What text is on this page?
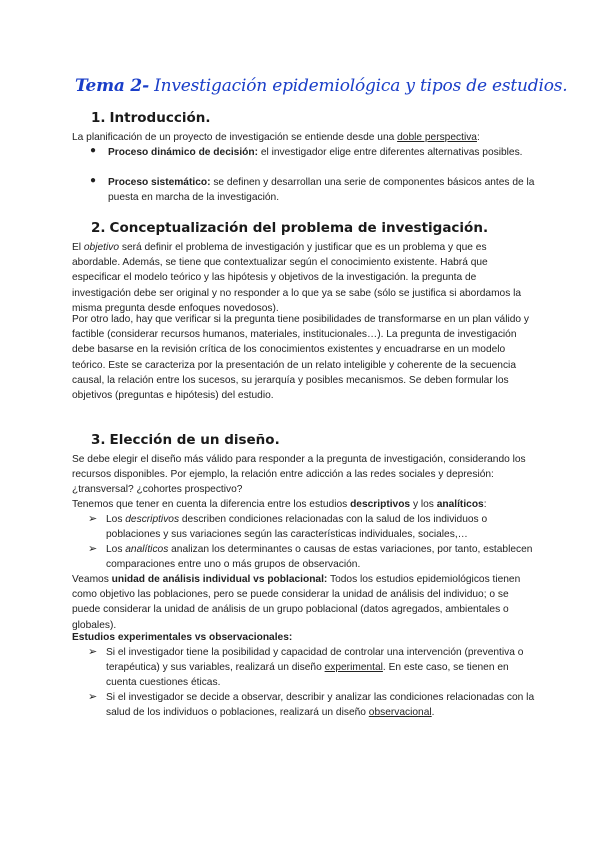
Tema 2- Investigación epidemiológica y tipos de estudios.
1. Introducción.
La planificación de un proyecto de investigación se entiende desde una doble perspectiva:
● Proceso dinámico de decisión: el investigador elige entre diferentes alternativas posibles.
● Proceso sistemático: se definen y desarrollan una serie de componentes básicos antes de la puesta en marcha de la investigación.
2. Conceptualización del problema de investigación.
El objetivo será definir el problema de investigación y justificar que es un problema y que es abordable. Además, se tiene que contextualizar según el conocimiento existente. Habrá que especificar el modelo teórico y las hipótesis y objetivos de la investigación. la pregunta de investigación debe ser original y no responder a lo que ya se sabe (sólo se justifica si abordamos la misma pregunta desde enfoques novedosos).
Por otro lado, hay que verificar si la pregunta tiene posibilidades de transformarse en un plan válido y factible (considerar recursos humanos, materiales, institucionales…). La pregunta de investigación debe basarse en la revisión crítica de los conocimientos existentes y encuadrarse en un modelo teórico. Este se caracteriza por la presentación de un relato inteligible y coherente de la secuencia causal, la relación entre los sucesos, su jerarquía y posibles mecanismos. Se deben formular los objetivos (preguntas e hipótesis) del estudio.
3. Elección de un diseño.
Se debe elegir el diseño más válido para responder a la pregunta de investigación, considerando los recursos disponibles. Por ejemplo, la relación entre adicción a las redes sociales y depresión: ¿transversal? ¿cohortes prospectivo?
Tenemos que tener en cuenta la diferencia entre los estudios descriptivos y los analíticos:
➢ Los descriptivos describen condiciones relacionadas con la salud de los individuos o poblaciones y sus variaciones según las características individuales, sociales,…
➢ Los analíticos analizan los determinantes o causas de estas variaciones, por tanto, establecen comparaciones entre uno o más grupos de observación.
Veamos unidad de análisis individual vs poblacional: Todos los estudios epidemiológicos tienen como objetivo las poblaciones, pero se puede considerar la unidad de análisis del individuo; o se puede considerar la unidad de análisis de un grupo poblacional (datos agregados, ambientales o globales).
Estudios experimentales vs observacionales:
➢ Si el investigador tiene la posibilidad y capacidad de controlar una intervención (preventiva o terapéutica) y sus variables, realizará un diseño experimental. En este caso, se tienen en cuenta cuestiones éticas.
➢ Si el investigador se decide a observar, describir y analizar las condiciones relacionadas con la salud de los individuos o poblaciones, realizará un diseño observacional.
